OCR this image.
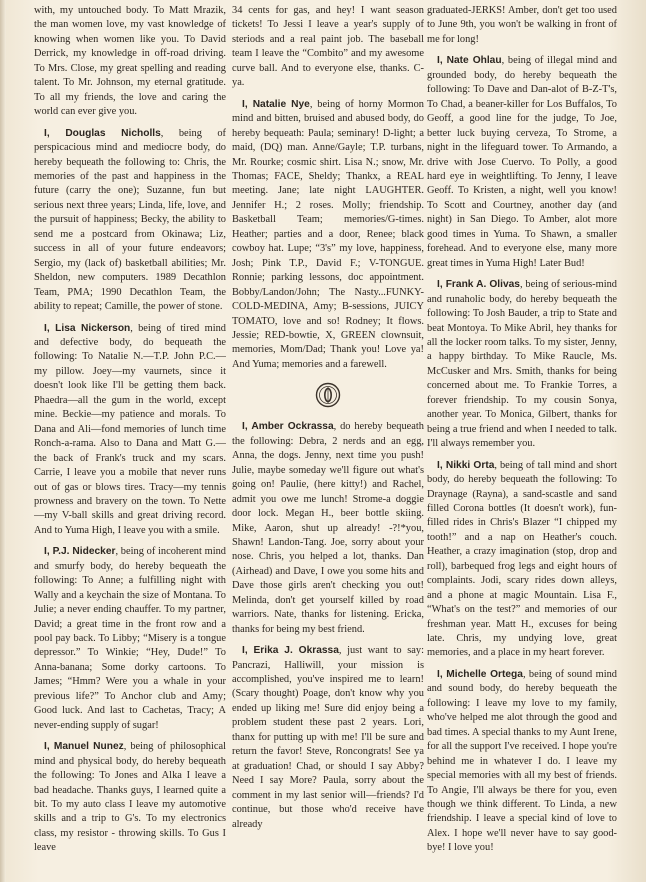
with, my untouched body. To Matt Mrazik, the man women love, my vast knowledge of knowing when women like you. To David Derrick, my knowledge in off-road driving. To Mrs. Close, my great spelling and reading talent. To Mr. Johnson, my eternal gratitude. To all my friends, the love and caring the world can ever give you.

I, Douglas Nicholls, being of perspicacious mind and mediocre body, do hereby bequeath the following to: Chris, the memories of the past and happiness in the future (carry the one); Suzanne, fun but serious next three years; Linda, life, love, and the pursuit of happiness; Becky, the ability to send me a postcard from Okinawa; Liz, success in all of your future endeavors; Sergio, my (lack of) basketball abilities; Mr. Sheldon, new computers. 1989 Decathlon Team, PMA; 1990 Decathlon Team, the ability to repeat; Camille, the power of stone.

I, Lisa Nickerson, being of tired mind and defective body, do bequeath the following: To Natalie N.—T.P. John P.C.—my pillow. Joey—my vaurnets, since it doesn't look like I'll be getting them back. Phaedra—all the gum in the world, except mine. Beckie—my patience and morals. To Dana and Ali—fond memories of lunch time Ronch-a-rama. Also to Dana and Matt G.—the back of Frank's truck and my scars. Carrie, I leave you a mobile that never runs out of gas or blows tires. Tracy—my tennis prowness and bravery on the town. To Nette—my V-ball skills and great driving record. And to Yuma High, I leave you with a smile.

I, P.J. Nidecker, being of incoherent mind and smurfy body, do hereby bequeath the following: To Anne; a fulfilling night with Wally and a keychain the size of Montana. To Julie; a never ending chauffer. To my partner, David; a great time in the front row and a pool pay back. To Libby; “Misery is a tongue depressor.” To Winkie; “Hey, Dude!” To Anna-banana; Some dorky cartoons. To James; “Hmm? Were you a whale in your previous life?” To Anchor club and Amy; Good luck. And last to Cachetas, Tracy; A never-ending supply of sugar!

I, Manuel Nunez, being of philosophical mind and physical body, do hereby bequeath the following: To Jones and Alka I leave a bad headache. Thanks guys, I learned quite a bit. To my auto class I leave my automotive skills and a trip to G's. To my electronics class, my resistor - throwing skills. To Gus I leave

34 cents for gas, and hey! I want season tickets! To Jessi I leave a year's supply of steriods and a real paint job. The baseball team I leave the “Combito” and my awesome curve ball. And to everyone else, thanks. C-ya.

I, Natalie Nye, being of horny Mormon mind and bitten, bruised and abused body, do hereby bequeath: Paula; seminary! D-light; a maid, (DQ) man. Anne/Gayle; T.P. turbans, Mr. Rourke; cosmic shirt. Lisa N.; snow, Mr. Thomas; FACE, Sheldy; Thankx, a REAL meeting. Jane; late night LAUGHTER. Jennifer H.; 2 roses. Molly; friendship. Basketball Team; memories/G-times. Heather; parties and a door, Renee; black cowboy hat. Lupe; “3's” my love, happiness, Josh; Pink T.P., David F.; V-TONGUE. Ronnie; parking lessons, doc appointment. Bobby/Landon/John; The Nasty...FUNKY-COLD-MEDINA, Amy; B-sessions, JUICY TOMATO, love and so! Rodney; It flows. Jessie; RED-bowtie, X, GREEN clownsuit, memories, Mom/Dad; Thank you! Love ya! And Yuma; memories and a farewell.

I, Amber Ockrassa, do hereby bequeath the following: Debra, 2 nerds and an egg, Anna, the dogs. Jenny, next time you push! Julie, maybe someday we'll figure out what's going on! Paulie, (here kitty!) and Rachel, admit you owe me lunch! Strome-a doggie door lock. Megan H., beer bottle skiing. Mike, Aaron, shut up already! -?!*you, Shawn! Landon-Tang. Joe, sorry about your nose. Chris, you helped a lot, thanks. Dan (Airhead) and Dave, I owe you some hits and Dave those girls aren't checking you out! Melinda, don't get yourself killed by road warriors. Nate, thanks for listening. Ericka, thanks for being my best friend.

I, Erika J. Okrassa, just want to say: Pancrazi, Halliwill, your mission is accomplished, you've inspired me to learn! (Scary thought) Poage, don't know why you ended up liking me! Sure did enjoy being a problem student these past 2 years. Lori, thanx for putting up with me! I'll be sure and return the favor! Steve, Roncongrats! See ya at graduation! Chad, or should I say Abby? Need I say More? Paula, sorry about the comment in my last senior will—friends? I'd continue, but those who'd receive have already

graduated-JERKS! Amber, don't get too used to June 9th, you won't be walking in front of me for long!

I, Nate Ohlau, being of illegal mind and grounded body, do hereby bequeath the following: To Dave and Dan-alot of B-Z-T's, To Chad, a beaner-killer for Los Buffalos, To Geoff, a good line for the judge, To Joe, better luck buying cerveza, To Strome, a night in the lifeguard tower. To Armando, a drive with Jose Cuervo. To Polly, a good hard eye in weightlifting. To Jenny, I leave Geoff. To Kristen, a night, well you know! To Scott and Courtney, another day (and night) in San Diego. To Amber, alot more good times in Yuma. To Shawn, a smaller forehead. And to everyone else, many more great times in Yuma High! Later Bud!

I, Frank A. Olivas, being of serious-mind and runaholic body, do hereby bequeath the following: To Josh Bauder, a trip to State and beat Montoya. To Mike Abril, hey thanks for all the locker room talks. To my sister, Jenny, a happy birthday. To Mike Raucle, Ms. McCusker and Mrs. Smith, thanks for being concerned about me. To Frankie Torres, a forever friendship. To my cousin Sonya, another year. To Monica, Gilbert, thanks for being a true friend and when I needed to talk. I'll always remember you.

I, Nikki Orta, being of tall mind and short body, do hereby bequeath the following: To Draynage (Rayna), a sand-scastle and sand filled Corona bottles (It doesn't work), fun-filled rides in Chris's Blazer “I chipped my tooth!” and a nap on Heather's couch. Heather, a crazy imagination (stop, drop and roll), barbequed frog legs and eight hours of complaints. Jodi, scary rides down alleys, and a phone at magic Mountain. Lisa F., “What's on the test?” and memories of our freshman year. Matt H., excuses for being late. Chris, my undying love, great memories, and a place in my heart forever.

I, Michelle Ortega, being of sound mind and sound body, do hereby bequeath the following: I leave my love to my family, who've helped me alot through the good and bad times. A special thanks to my Aunt Irene, for all the support I've received. I hope you're behind me in whatever I do. I leave my special memories with all my best of friends. To Angie, I'll always be there for you, even though we think different. To Linda, a new friendship. I leave a special kind of love to Alex. I hope we'll never have to say good-bye! I love you!
